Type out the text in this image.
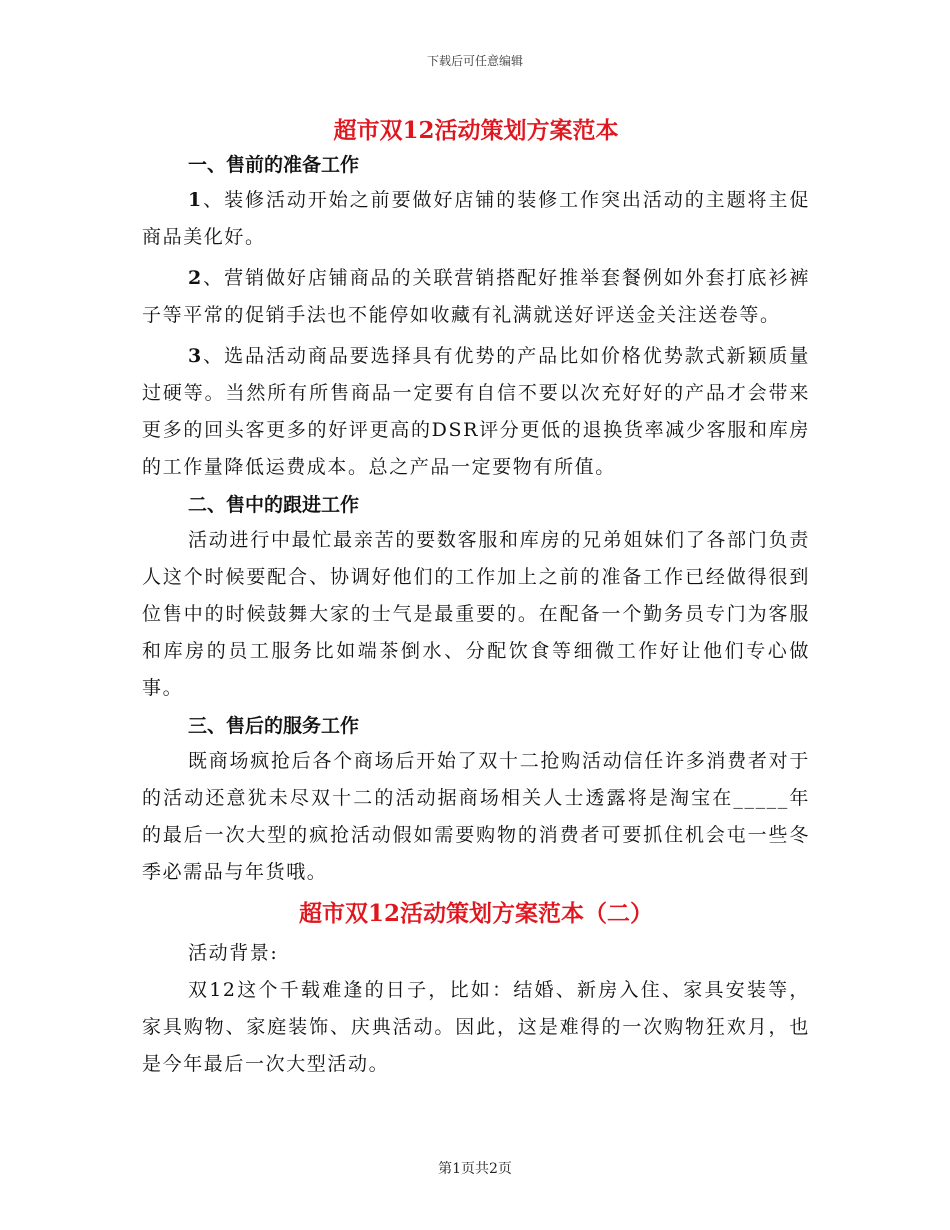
下载后可任意编辑
超市双12活动策划方案范本
一、售前的准备工作

1、装修活动开始之前要做好店铺的装修工作突出活动的主题将主促商品美化好。

2、营销做好店铺商品的关联营销搭配好推举套餐例如外套打底衫裤子等平常的促销手法也不能停如收藏有礼满就送好评送金关注送卷等。

3、选品活动商品要选择具有优势的产品比如价格优势款式新颖质量过硬等。当然所有所售商品一定要有自信不要以次充好好的产品才会带来更多的回头客更多的好评更高的DSR评分更低的退换货率减少客服和库房的工作量降低运费成本。总之产品一定要物有所值。

二、售中的跟进工作

活动进行中最忙最亲苦的要数客服和库房的兄弟姐妹们了各部门负责人这个时候要配合、协调好他们的工作加上之前的准备工作已经做得很到位售中的时候鼓舞大家的士气是最重要的。在配备一个勤务员专门为客服和库房的员工服务比如端茶倒水、分配饮食等细微工作好让他们专心做事。

三、售后的服务工作

既商场疯抢后各个商场后开始了双十二抢购活动信任许多消费者对于的活动还意犹未尽双十二的活动据商场相关人士透露将是淘宝在_____年的最后一次大型的疯抢活动假如需要购物的消费者可要抓住机会屯一些冬季必需品与年货哦。

超市双12活动策划方案范本（二）

活动背景:

双12这个千载难逢的日子，比如：结婚、新房入住、家具安装等，家具购物、家庭装饰、庆典活动。因此，这是难得的一次购物狂欢月，也是今年最后一次大型活动。

第1页共2页
